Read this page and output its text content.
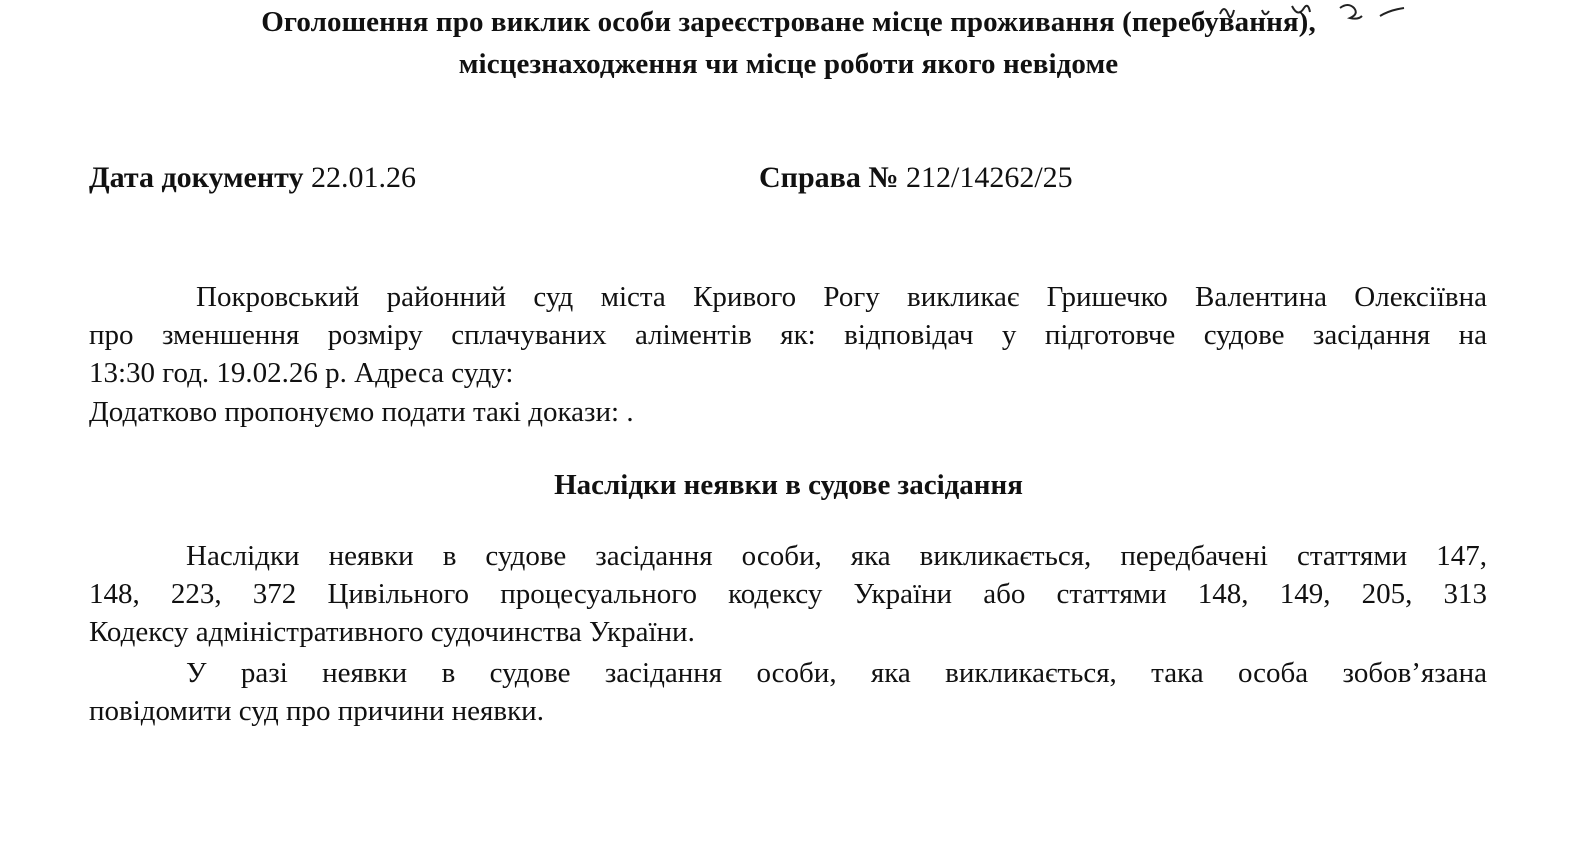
Оголошення про виклик особи зареєстроване місце проживання (перебування),
місцезнаходження чи місце роботи якого невідоме
Дата документу 22.01.26	Справа № 212/14262/25
Покровський районний суд міста Кривого Рогу викликає Гришечко Валентина Олексіївна
про зменшення розміру сплачуваних аліментів як: відповідач у підготовче судове засідання на
13:30 год. 19.02.26 р. Адреса суду:
Додатково пропонуємо подати такі докази: .
Наслідки неявки в судове засідання
Наслідки неявки в судове засідання особи, яка викликається, передбачені статтями 147,
148, 223, 372 Цивільного процесуального кодексу України або статтями 148, 149, 205, 313
Кодексу адміністративного судочинства України.
У разі неявки в судове засідання особи, яка викликається, така особа зобов’язана
повідомити суд про причини неявки.
